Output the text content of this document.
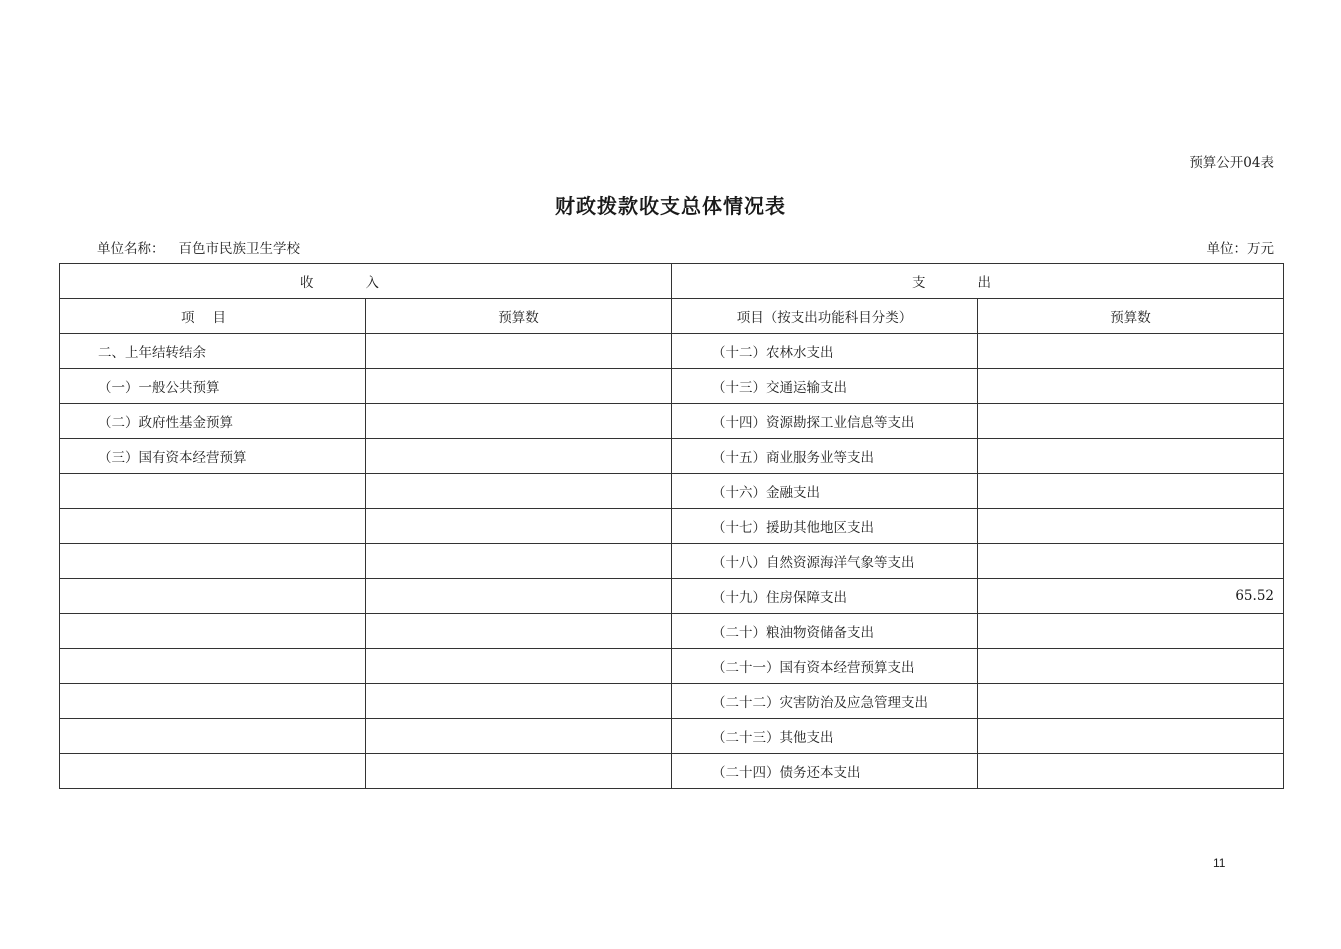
预算公开04表
财政拨款收支总体情况表
单位名称： 百色市民族卫生学校	单位：万元
收入		支出	
项目	预算数	项目（按支出功能科目分类）	预算数
二、上年结转结余		（十二）农林水支出	
（一）一般公共预算		（十三）交通运输支出	
（二）政府性基金预算		（十四）资源勘探工业信息等支出	
（三）国有资本经营预算		（十五）商业服务业等支出	
		（十六）金融支出	
		（十七）援助其他地区支出	
		（十八）自然资源海洋气象等支出	
		（十九）住房保障支出	65.52
		（二十）粮油物资储备支出	
		（二十一）国有资本经营预算支出	
		（二十二）灾害防治及应急管理支出	
		（二十三）其他支出	
		（二十四）债务还本支出	
11
